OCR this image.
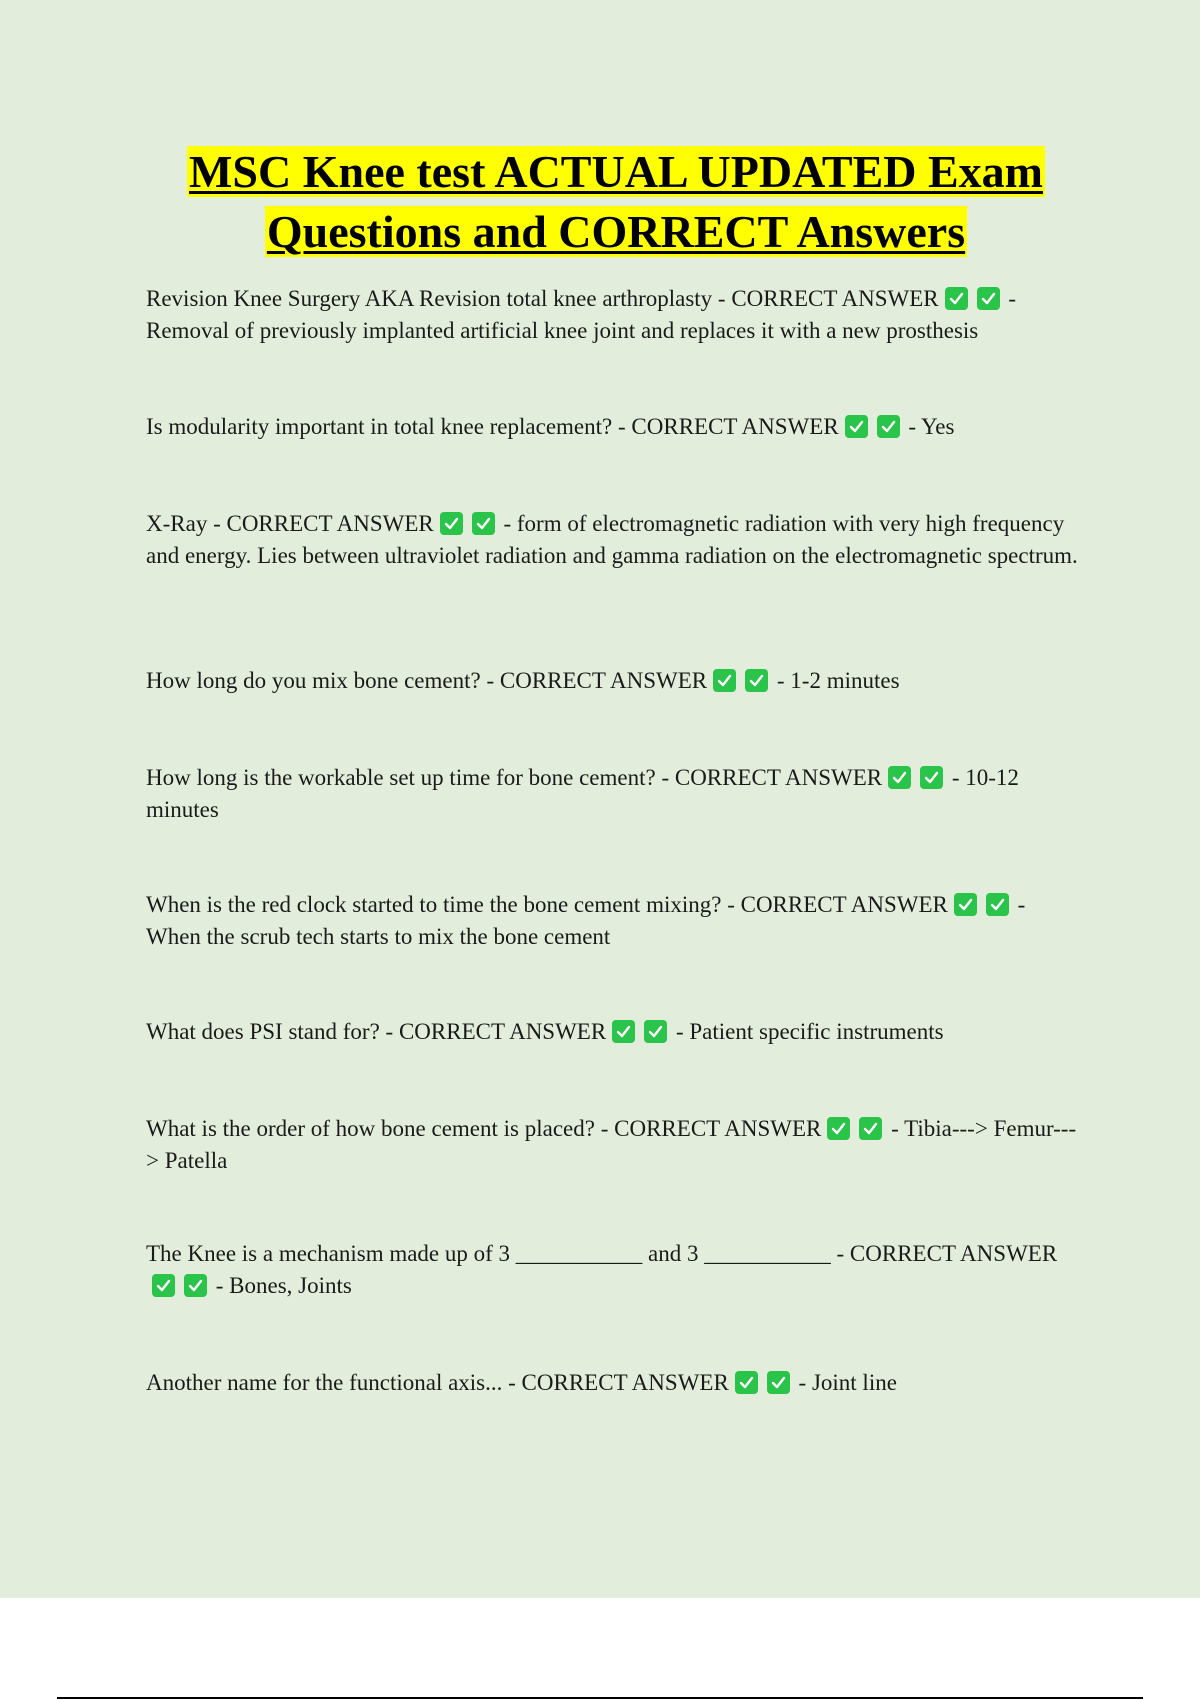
MSC Knee test ACTUAL UPDATED Exam
Questions and CORRECT Answers
Revision Knee Surgery AKA Revision total knee arthroplasty - CORRECT ANSWER	- Removal of previously implanted artificial knee joint and replaces it with a new prosthesis
Is modularity important in total knee replacement? - CORRECT ANSWER	- Yes
X-Ray - CORRECT ANSWER	- form of electromagnetic radiation with very high frequency and energy. Lies between ultraviolet radiation and gamma radiation on the electromagnetic spectrum.
How long do you mix bone cement? - CORRECT ANSWER	- 1-2 minutes
How long is the workable set up time for bone cement? - CORRECT ANSWER	- 10-12 minutes
When is the red clock started to time the bone cement mixing? - CORRECT ANSWER	- When the scrub tech starts to mix the bone cement
What does PSI stand for? - CORRECT ANSWER	- Patient specific instruments
What is the order of how bone cement is placed? - CORRECT ANSWER	- Tibia---> Femur---> Patella
The Knee is a mechanism made up of 3 ___________ and 3 ___________ - CORRECT ANSWER
- Bones, Joints
Another name for the functional axis... - CORRECT ANSWER	- Joint line
